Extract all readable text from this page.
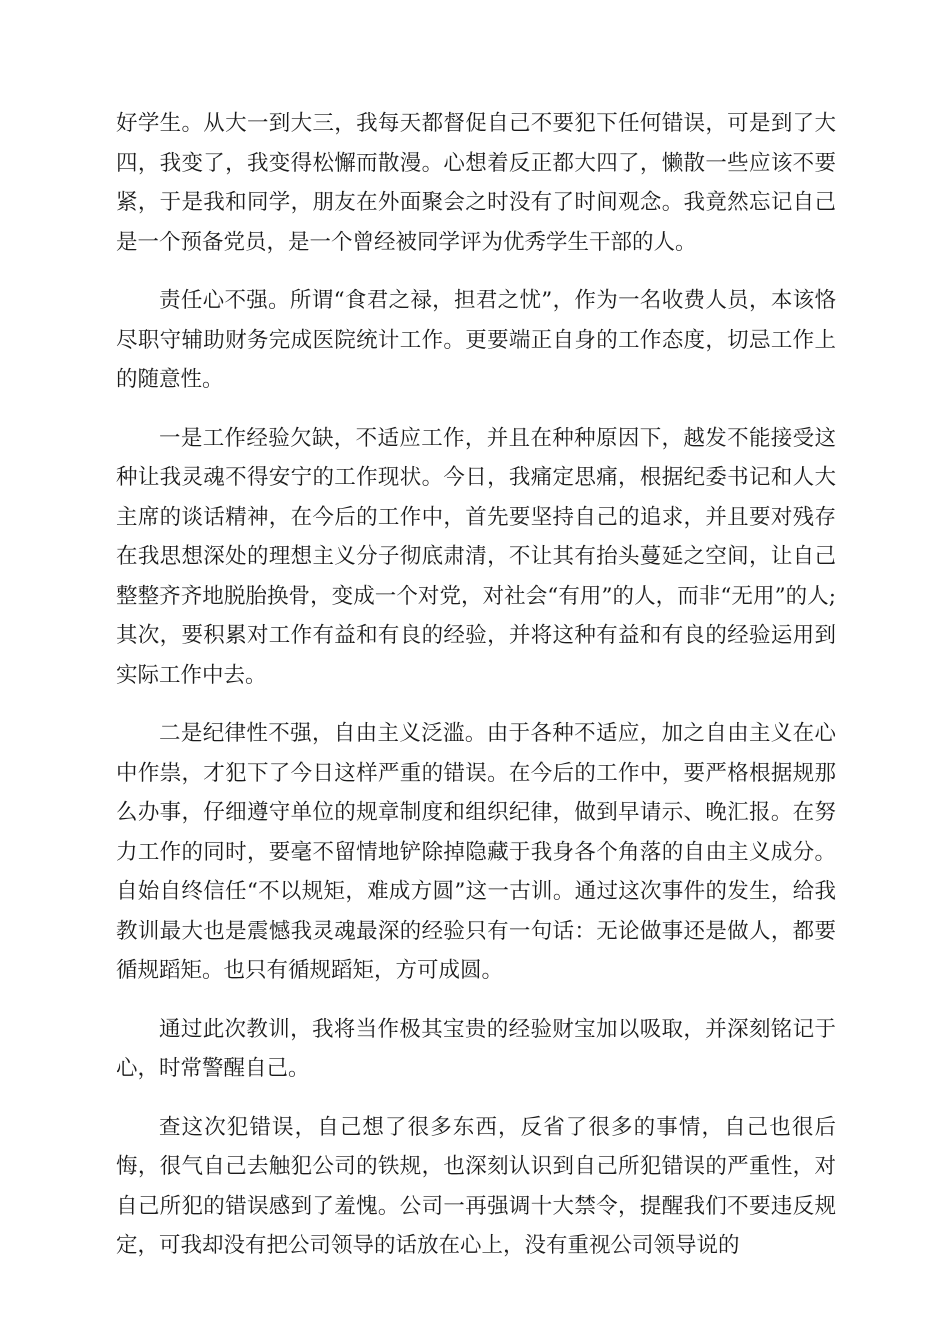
好学生。从大一到大三，我每天都督促自己不要犯下任何错误，可是到了大四，我变了，我变得松懈而散漫。心想着反正都大四了，懒散一些应该不要紧，于是我和同学，朋友在外面聚会之时没有了时间观念。我竟然忘记自己是一个预备党员，是一个曾经被同学评为优秀学生干部的人。

责任心不强。所谓“食君之禄，担君之忧”，作为一名收费人员，本该恪尽职守辅助财务完成医院统计工作。更要端正自身的工作态度，切忌工作上的随意性。

一是工作经验欠缺，不适应工作，并且在种种原因下，越发不能接受这种让我灵魂不得安宁的工作现状。今日，我痛定思痛，根据纪委书记和人大主席的谈话精神，在今后的工作中，首先要坚持自己的追求，并且要对残存在我思想深处的理想主义分子彻底肃清，不让其有抬头蔓延之空间，让自己整整齐齐地脱胎换骨，变成一个对党，对社会“有用”的人，而非“无用”的人;其次，要积累对工作有益和有良的经验，并将这种有益和有良的经验运用到实际工作中去。

二是纪律性不强，自由主义泛滥。由于各种不适应，加之自由主义在心中作祟，才犯下了今日这样严重的错误。在今后的工作中，要严格根据规那么办事，仔细遵守单位的规章制度和组织纪律，做到早请示、晚汇报。在努力工作的同时，要毫不留情地铲除掉隐藏于我身各个角落的自由主义成分。自始自终信任“不以规矩，难成方圆”这一古训。通过这次事件的发生，给我教训最大也是震憾我灵魂最深的经验只有一句话：无论做事还是做人，都要循规蹈矩。也只有循规蹈矩，方可成圆。

通过此次教训，我将当作极其宝贵的经验财宝加以吸取，并深刻铭记于心，时常警醒自己。

查这次犯错误，自己想了很多东西，反省了很多的事情，自己也很后悔，很气自己去触犯公司的铁规，也深刻认识到自己所犯错误的严重性，对自己所犯的错误感到了羞愧。公司一再强调十大禁令，提醒我们不要违反规定，可我却没有把公司领导的话放在心上，没有重视公司领导说的
